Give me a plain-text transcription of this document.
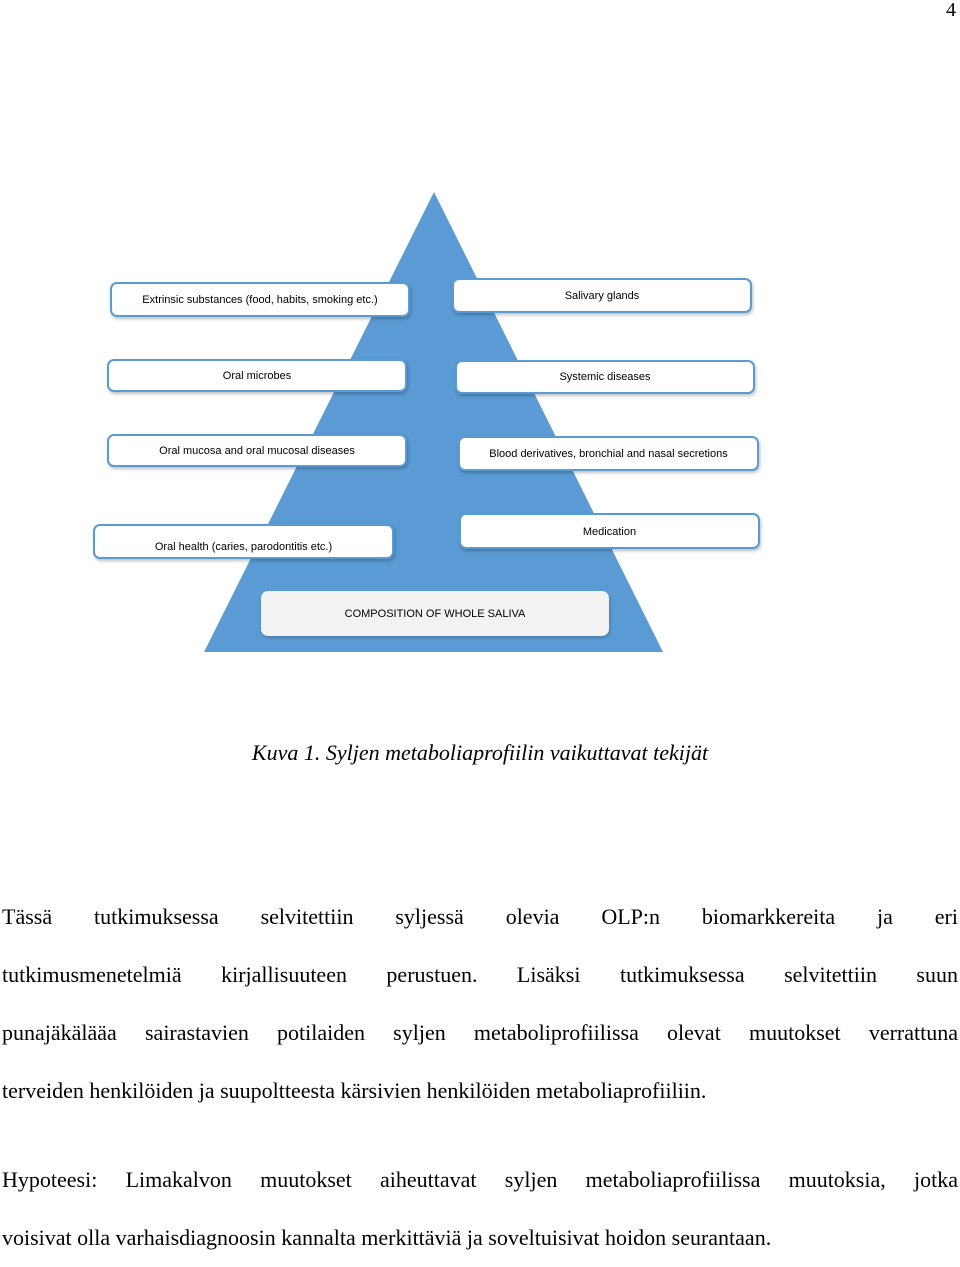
4
Extrinsic substances (food, habits, smoking etc.)	Salivary glands
Oral microbes	Systemic diseases
Oral mucosa and oral mucosal diseases	Blood derivatives, bronchial and nasal secretions
Oral health (caries, parodontitis etc.)
Medication
COMPOSITION OF WHOLE SALIVA
Kuva 1. Syljen metaboliaprofiilin vaikuttavat tekijät
Tässä tutkimuksessa selvitettiin syljessä olevia OLP:n biomarkkereita ja eri
tutkimusmenetelmiä kirjallisuuteen perustuen. Lisäksi tutkimuksessa selvitettiin suun
punajäkälääа sairastavien potilaiden syljen metaboliprofiilissa olevat muutokset verrattuna
terveiden henkilöiden ja suupoltteesta kärsivien henkilöiden metaboliaprofiiliin.
Hypoteesi: Limakalvon muutokset aiheuttavat syljen metaboliaprofiilissa muutoksia, jotka
voisivat olla varhaisdiagnoosin kannalta merkittäviä ja soveltuisivat hoidon seurantaan.
